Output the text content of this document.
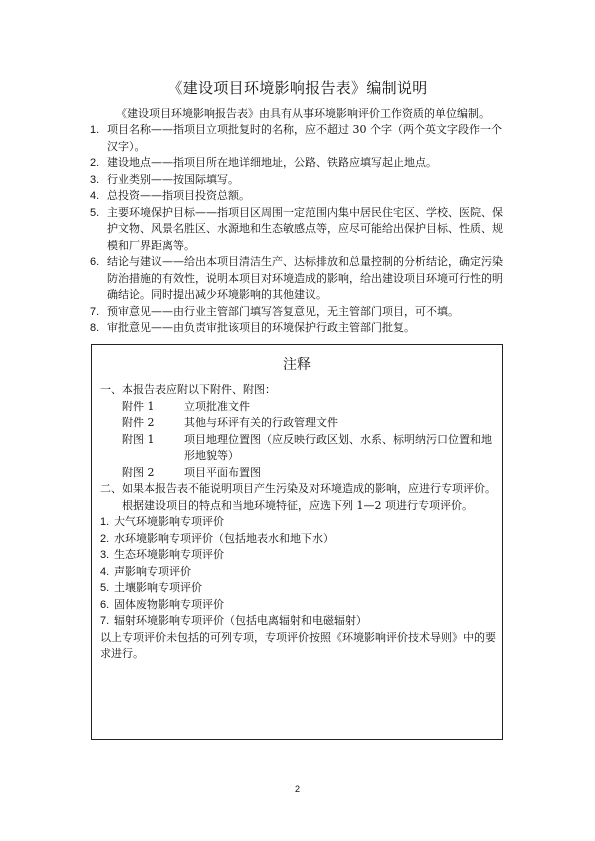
《建设项目环境影响报告表》编制说明
《建设项目环境影响报告表》由具有从事环境影响评价工作资质的单位编制。
1. 项目名称——指项目立项批复时的名称，应不超过 30 个字（两个英文字段作一个汉字）。
2. 建设地点——指项目所在地详细地址，公路、铁路应填写起止地点。
3. 行业类别——按国际填写。
4. 总投资——指项目投资总额。
5. 主要环境保护目标——指项目区周围一定范围内集中居民住宅区、学校、医院、保护文物、风景名胜区、水源地和生态敏感点等，应尽可能给出保护目标、性质、规模和厂界距离等。
6. 结论与建议——给出本项目清洁生产、达标排放和总量控制的分析结论，确定污染防治措施的有效性，说明本项目对环境造成的影响，给出建设项目环境可行性的明确结论。同时提出减少环境影响的其他建议。
7. 预审意见——由行业主管部门填写答复意见，无主管部门项目，可不填。
8. 审批意见——由负责审批该项目的环境保护行政主管部门批复。
注释

一、本报告表应附以下附件、附图：

附件 1	立项批准文件
附件 2	其他与环评有关的行政管理文件
附图 1	项目地理位置图（应反映行政区划、水系、标明纳污口位置和地形地貌等）
附图 2	项目平面布置图

二、如果本报告表不能说明项目产生污染及对环境造成的影响，应进行专项评价。根据建设项目的特点和当地环境特征，应选下列 1—2 项进行专项评价。

1. 大气环境影响专项评价
2. 水环境影响专项评价（包括地表水和地下水）
3. 生态环境影响专项评价
4. 声影响专项评价
5. 土壤影响专项评价
6. 固体废物影响专项评价
7. 辐射环境影响专项评价（包括电离辐射和电磁辐射）

以上专项评价未包括的可列专项，专项评价按照《环境影响评价技术导则》中的要求进行。

2
